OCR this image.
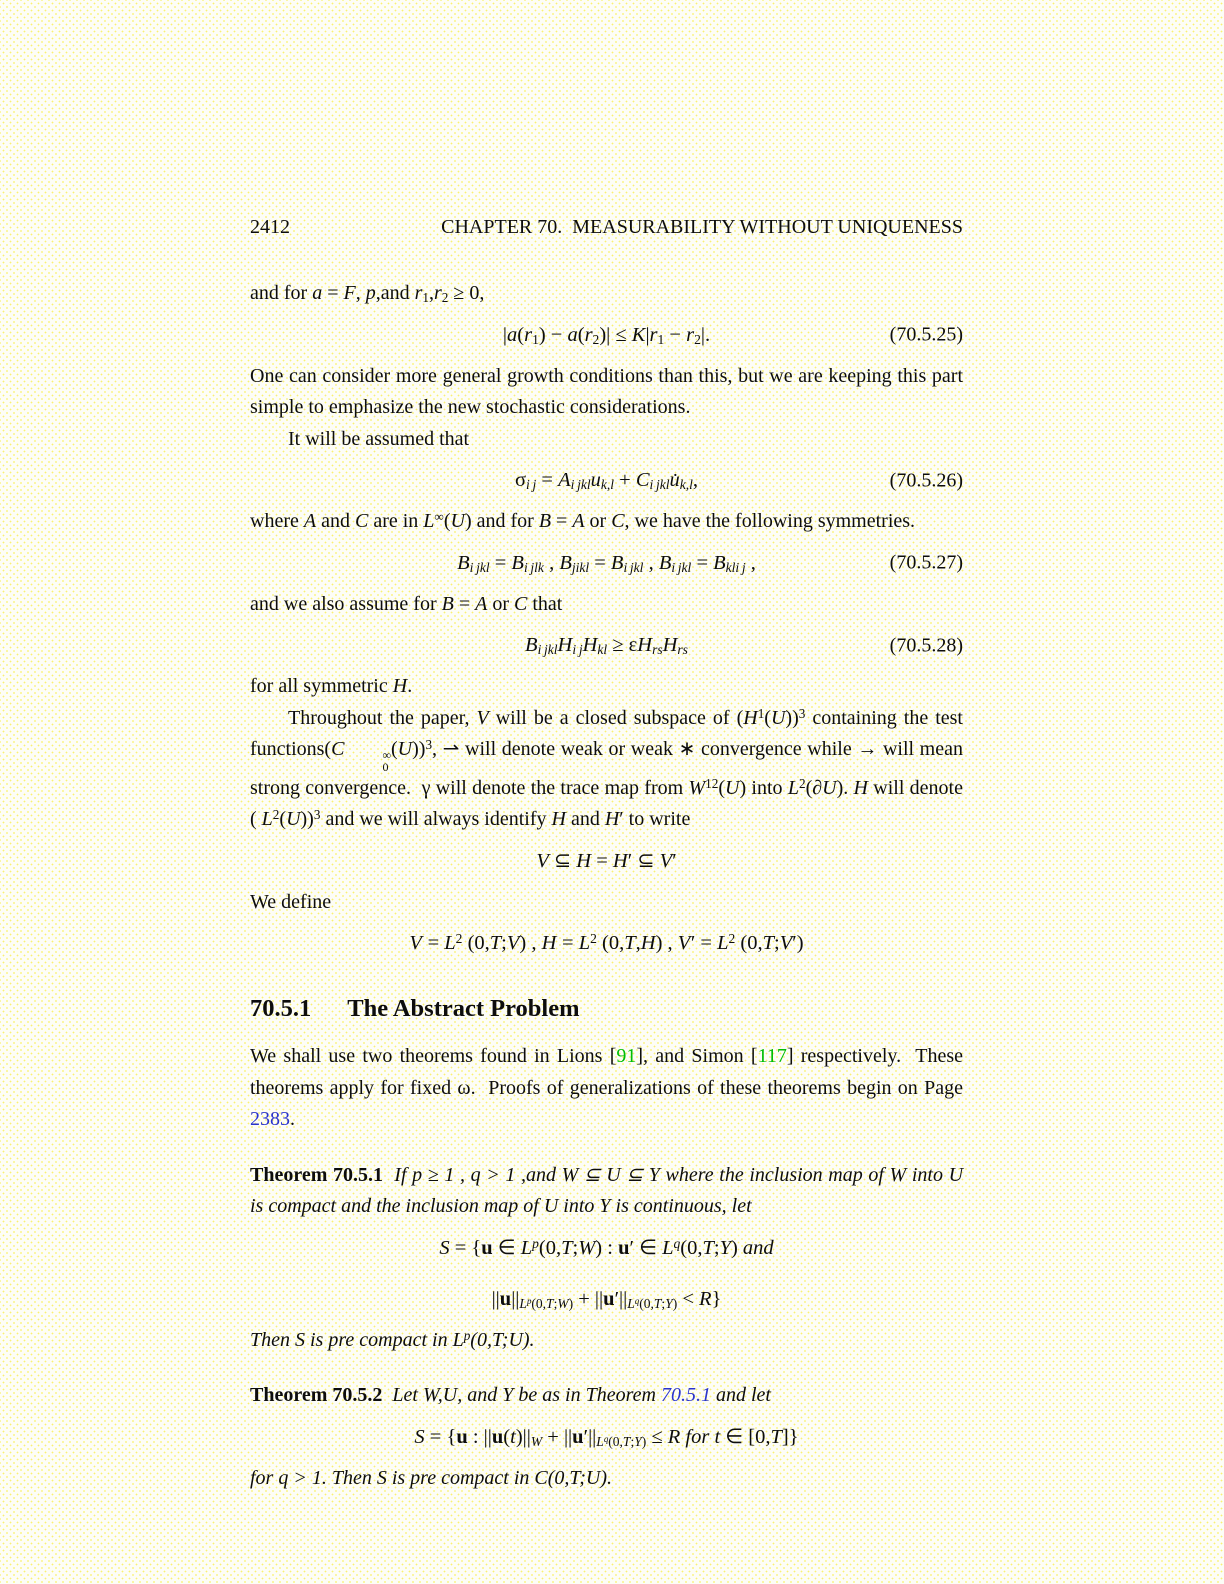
2412	CHAPTER 70.  MEASURABILITY WITHOUT UNIQUENESS

and for a = F, p,and $r_1,r_2 \ge 0$,

$|a(r_1) - a(r_2)| \le K|r_1 - r_2|$.	(70.5.25)

One can consider more general growth conditions than this, but we are keeping this part simple to emphasize the new stochastic considerations.

It will be assumed that

$\sigma_{i j} = A_{i jkl}u_{k,l}$ + $C_{i jkl}u̇_{k,l}$,	(70.5.26)

where A and C are in L∞(U) and for B = A or C, we have the following symmetries.

$B_{i jkl} = B_{i jlk}$ , $B_{jikl} = B_{i jkl}$ , $B_{i jkl} = B_{kli j}$ ,	(70.5.27)

and we also assume for B = A or C that

$B_{i jkl}H_{i j}H_{kl} \ge \varepsilon H_{rs}H_{rs}$	(70.5.28)

for all symmetric H.

Throughout the paper, V will be a closed subspace of $(H^1(U))^3$ containing the test functions(C	∞
0
(U))$^3$, ⇀ will denote weak or weak ∗ convergence while → will mean strong convergence.  γ will denote the trace map from $W^{12}(U)$ into $L^2(\partial U)$. H will denote ( $L^2(U))^3$ and we will always identify H and H′ to write

V ⊆ H = H′ ⊆ V′

We define

$V = L^2$ (0,T;V) , $H = L^2$ (0,T,H) , $V' = L^2$ (0,T;V′)
70.5.1 The Abstract Problem

We shall use two theorems found in Lions [91], and Simon [117] respectively.  These theorems apply for fixed ω.  Proofs of generalizations of these theorems begin on Page 2383.

Theorem 70.5.1 If p ≥ 1 , q > 1 ,and W ⊆ U ⊆ Y where the inclusion map of W into U is compact and the inclusion map of U into Y is continuous, let

S = {u ∈ $L^p(0,T;W)$ : u′ ∈ $L^q(0,T;Y)$ and
$||u||_{L^p(0,T;W)} + ||u'||_{L^q(0,T;Y)} < R$}

Then S is pre compact in $L^p(0,T;U)$.

Theorem 70.5.2 Let W,U, and Y be as in Theorem 70.5.1 and let

S = {u : $||u(t)||_W + ||u'||_{L^q(0,T;Y)} \le R$ for t ∈ [0,T]}

for q > 1. Then S is pre compact in C(0,T;U).
